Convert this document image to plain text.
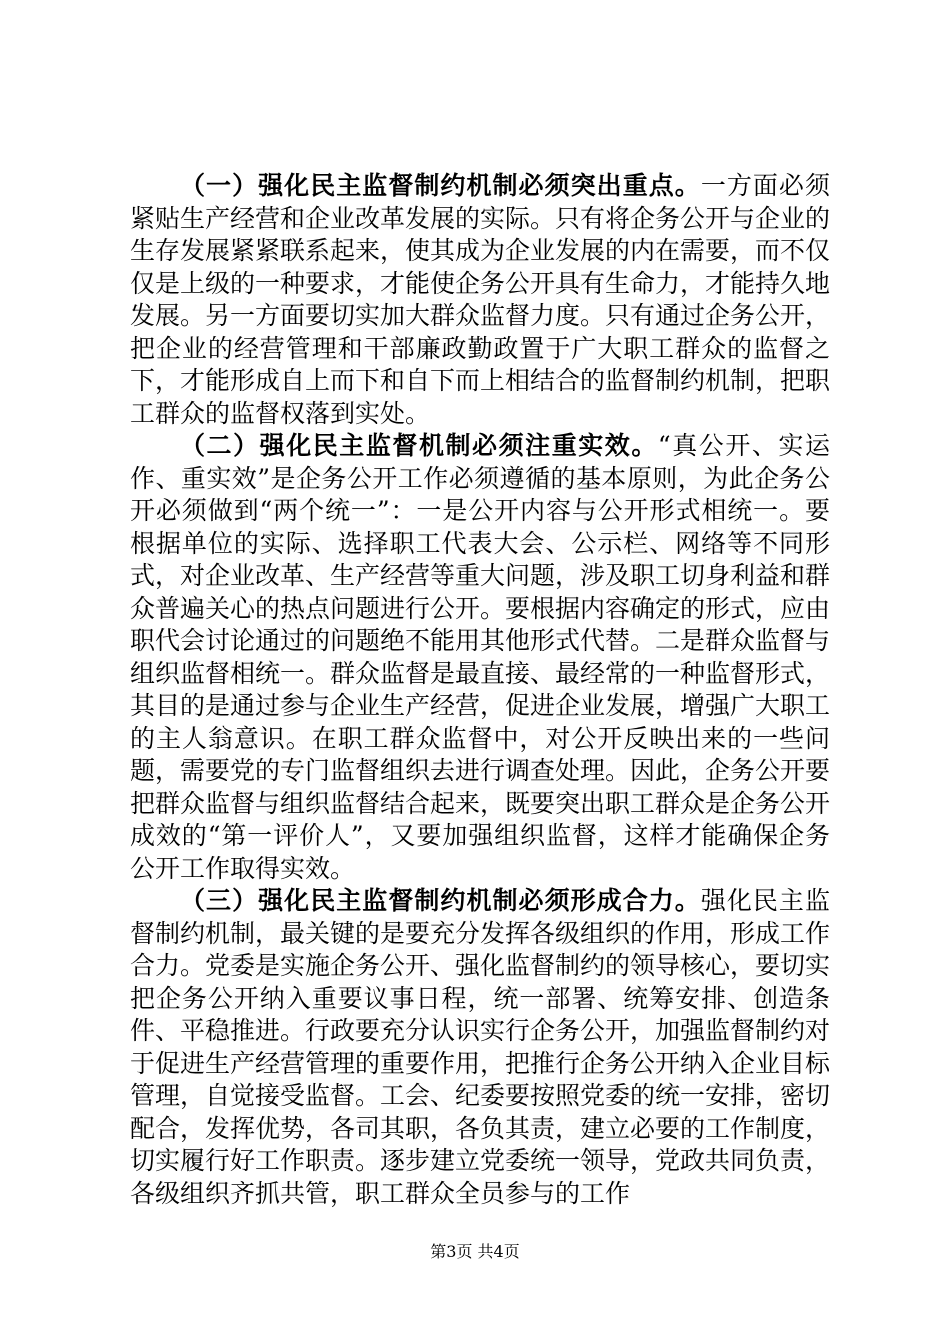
（一）强化民主监督制约机制必须突出重点。一方面必须紧贴生产经营和企业改革发展的实际。只有将企务公开与企业的生存发展紧紧联系起来，使其成为企业发展的内在需要，而不仅仅是上级的一种要求，才能使企务公开具有生命力，才能持久地发展。另一方面要切实加大群众监督力度。只有通过企务公开，把企业的经营管理和干部廉政勤政置于广大职工群众的监督之下，才能形成自上而下和自下而上相结合的监督制约机制，把职工群众的监督权落到实处。

（二）强化民主监督机制必须注重实效。“真公开、实运作、重实效”是企务公开工作必须遵循的基本原则，为此企务公开必须做到“两个统一”：一是公开内容与公开形式相统一。要根据单位的实际、选择职工代表大会、公示栏、网络等不同形式，对企业改革、生产经营等重大问题，涉及职工切身利益和群众普遍关心的热点问题进行公开。要根据内容确定的形式，应由职代会讨论通过的问题绝不能用其他形式代替。二是群众监督与组织监督相统一。群众监督是最直接、最经常的一种监督形式，其目的是通过参与企业生产经营，促进企业发展，增强广大职工的主人翁意识。在职工群众监督中，对公开反映出来的一些问题，需要党的专门监督组织去进行调查处理。因此，企务公开要把群众监督与组织监督结合起来，既要突出职工群众是企务公开成效的“第一评价人”，又要加强组织监督，这样才能确保企务公开工作取得实效。

（三）强化民主监督制约机制必须形成合力。强化民主监督制约机制，最关键的是要充分发挥各级组织的作用，形成工作合力。党委是实施企务公开、强化监督制约的领导核心，要切实把企务公开纳入重要议事日程，统一部署、统筹安排、创造条件、平稳推进。行政要充分认识实行企务公开，加强监督制约对于促进生产经营管理的重要作用，把推行企务公开纳入企业目标管理，自觉接受监督。工会、纪委要按照党委的统一安排，密切配合，发挥优势，各司其职，各负其责，建立必要的工作制度，切实履行好工作职责。逐步建立党委统一领导，党政共同负责，各级组织齐抓共管，职工群众全员参与的工作

第3页 共4页
